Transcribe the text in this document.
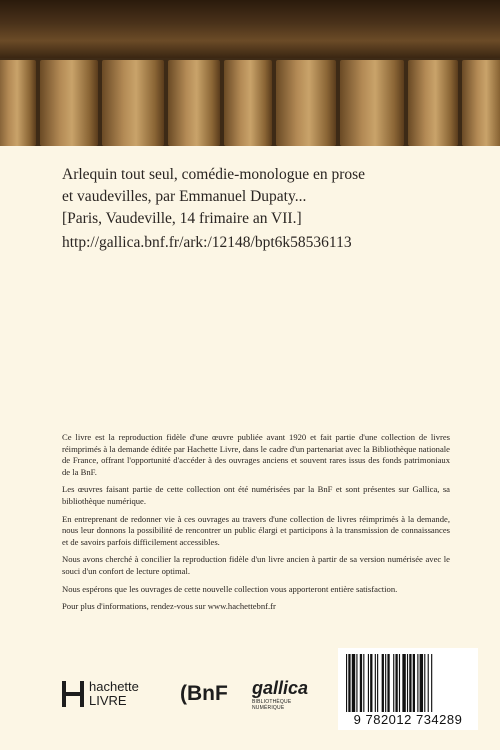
Arlequin tout seul, comédie-monologue en prose

et vaudevilles, par Emmanuel Dupaty...

[Paris, Vaudeville, 14 frimaire an VII.]

http://gallica.bnf.fr/ark:/12148/bpt6k58536113

Ce livre est la reproduction fidèle d'une œuvre publiée avant 1920 et fait partie d'une collection de livres réimprimés à la demande éditée par Hachette Livre, dans le cadre d'un partenariat avec la Bibliothèque nationale de France, offrant l'opportunité d'accéder à des ouvrages anciens et souvent rares issus des fonds patrimoniaux de la BnF.

Les œuvres faisant partie de cette collection ont été numérisées par la BnF et sont présentes sur Gallica, sa bibliothèque numérique.

En entreprenant de redonner vie à ces ouvrages au travers d'une collection de livres réimprimés à la demande, nous leur donnons la possibilité de rencontrer un public élargi et participons à la transmission de connaissances et de savoirs parfois difficilement accessibles.

Nous avons cherché à concilier la reproduction fidèle d'un livre ancien à partir de sa version numérisée avec le souci d'un confort de lecture optimal.

Nous espérons que les ouvrages de cette nouvelle collection vous apporteront entière satisfaction.

Pour plus d'informations, rendez-vous sur www.hachettebnf.fr

hachette
LIVRE	(BnF gallica
BIBLIOTHÈQUE
NUMÉRIQUE
9 782012 734289
